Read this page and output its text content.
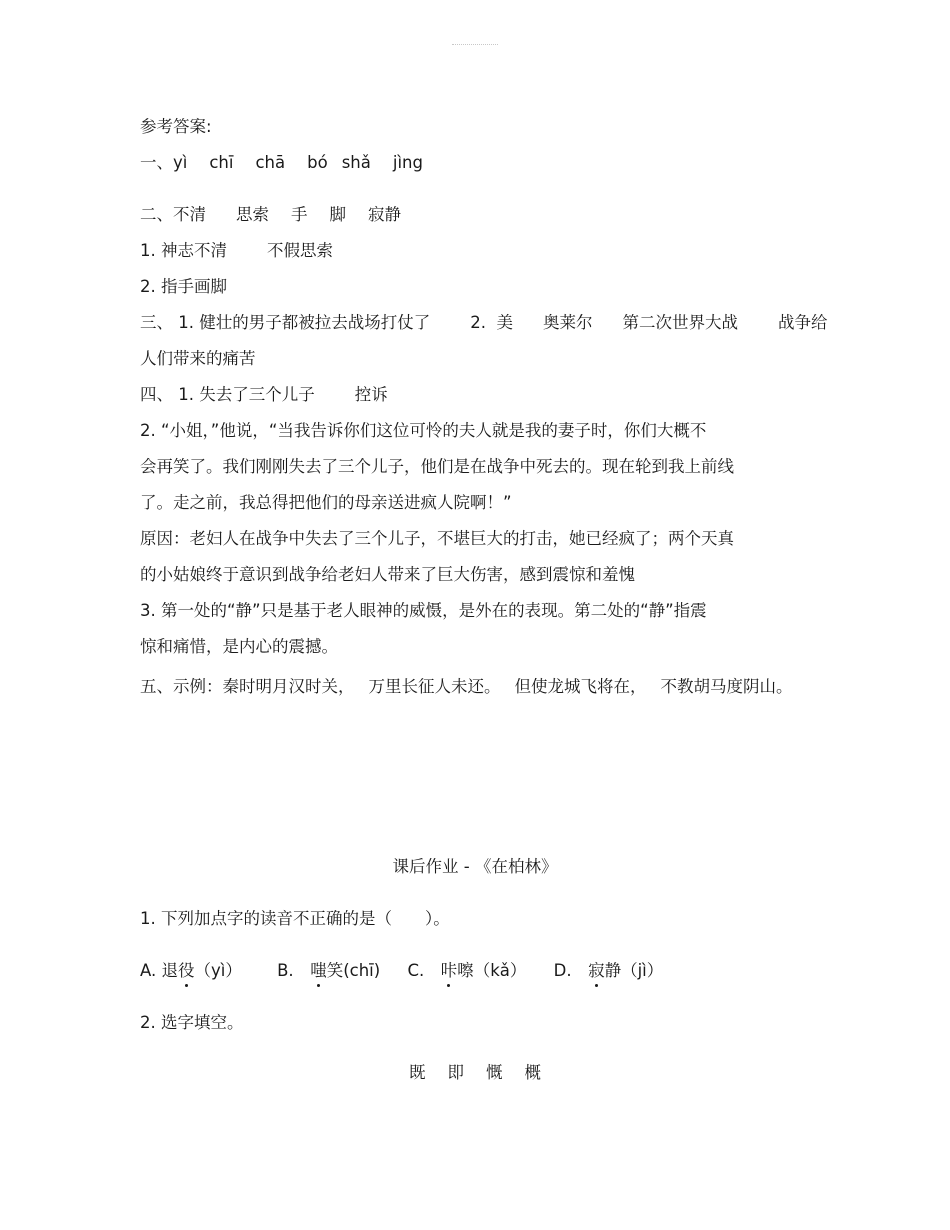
参考答案:
一、yì chī chā bó shǎ jìng
二、不清 思索 手 脚 寂静
1. 神志不清 不假思索
2. 指手画脚
三、 1. 健壮的男子都被拉去战场打仗了 2. 美 奥莱尔 第二次世界大战 战争给
人们带来的痛苦
四、 1. 失去了三个儿子 控诉
2. “小姐，”他说，“当我告诉你们这位可怜的夫人就是我的妻子时，你们大概不
会再笑了。我们刚刚失去了三个儿子，他们是在战争中死去的。现在轮到我上前线
了。走之前，我总得把他们的母亲送进疯人院啊！”
原因：老妇人在战争中失去了三个儿子，不堪巨大的打击，她已经疯了；两个天真
的小姑娘终于意识到战争给老妇人带来了巨大伤害，感到震惊和羞愧
3. 第一处的“静”只是基于老人眼神的威慑，是外在的表现。第二处的“静”指震
惊和痛惜，是内心的震撼。
五、示例：秦时明月汉时关， 万里长征人未还。 但使龙城飞将在， 不教胡马度阴山。
课后作业 - 《在柏林》
1. 下列加点字的读音不正确的是（　　）。
A. 退役（yì） B.　嗤笑(chī) C.　咔嚓（kǎ） D.　寂静（jì）
2. 选字填空。
既 即 慨 概
